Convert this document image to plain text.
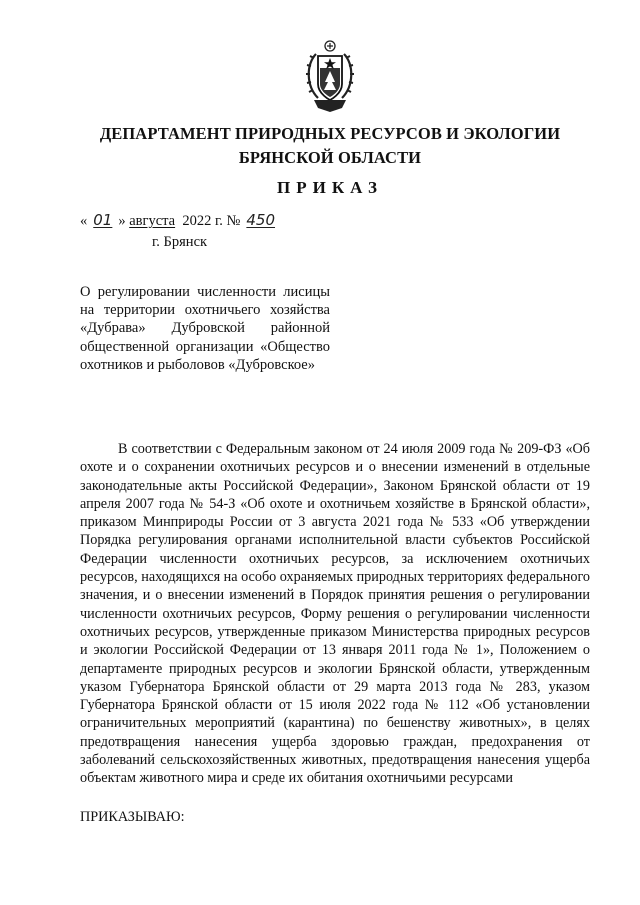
ДЕПАРТАМЕНТ ПРИРОДНЫХ РЕСУРСОВ И ЭКОЛОГИИ
БРЯНСКОЙ ОБЛАСТИ
ПРИКАЗ
« 01 » августа 2022 г. № 450
г. Брянск
О регулировании численности лисицы на территории охотничьего хозяйства «Дубрава» Дубровской районной общественной организации «Общество охотников и рыболовов «Дубровское»

В соответствии с Федеральным законом от 24 июля 2009 года № 209-ФЗ «Об охоте и о сохранении охотничьих ресурсов и о внесении изменений в отдельные законодательные акты Российской Федерации», Законом Брянской области от 19 апреля 2007 года № 54-З «Об охоте и охотничьем хозяйстве в Брянской области», приказом Минприроды России от 3 августа 2021 года № 533 «Об утверждении Порядка регулирования органами исполнительной власти субъектов Российской Федерации численности охотничьих ресурсов, за исключением охотничьих ресурсов, находящихся на особо охраняемых природных территориях федерального значения, и о внесении изменений в Порядок принятия решения о регулировании численности охотничьих ресурсов, Форму решения о регулировании численности охотничьих ресурсов, утвержденные приказом Министерства природных ресурсов и экологии Российской Федерации от 13 января 2011 года № 1», Положением о департаменте природных ресурсов и экологии Брянской области, утвержденным указом Губернатора Брянской области от 29 марта 2013 года № 283, указом Губернатора Брянской области от 15 июля 2022 года № 112 «Об установлении ограничительных мероприятий (карантина) по бешенству животных», в целях предотвращения нанесения ущерба здоровью граждан, предохранения от заболеваний сельскохозяйственных животных, предотвращения нанесения ущерба объектам животного мира и среде их обитания охотничьими ресурсами

ПРИКАЗЫВАЮ:
